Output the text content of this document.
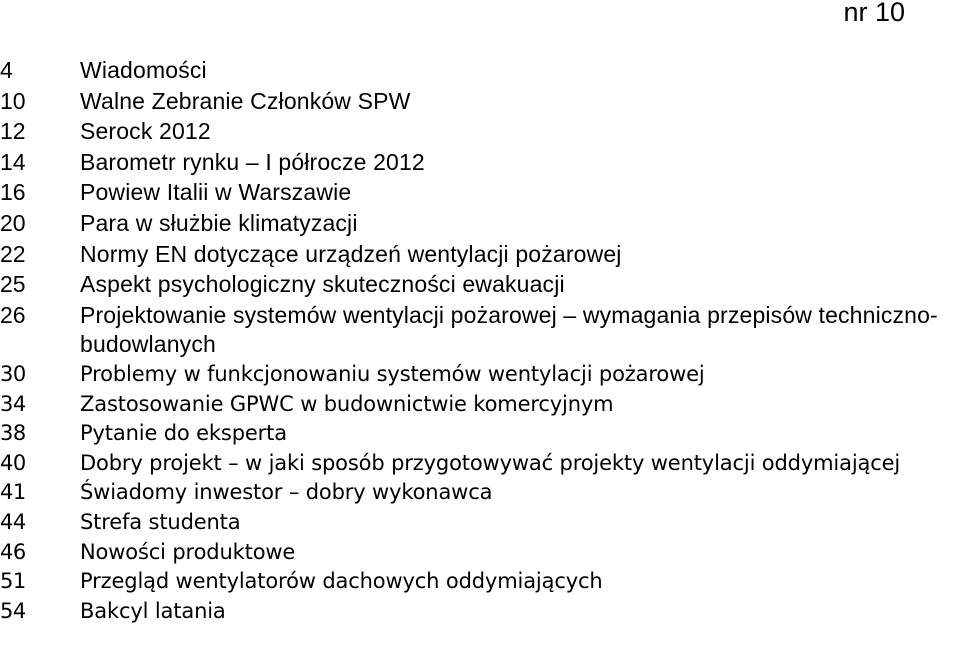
nr 10
4	Wiadomości
10	Walne Zebranie Członków SPW
12	Serock 2012
14	Barometr rynku – I półrocze 2012
16	Powiew Italii w Warszawie
20	Para w służbie klimatyzacji
22	Normy EN dotyczące urządzeń wentylacji pożarowej
25	Aspekt psychologiczny skuteczności ewakuacji
26	Projektowanie systemów wentylacji pożarowej – wymagania przepisów techniczno-budowlanych
30	Problemy w funkcjonowaniu systemów wentylacji pożarowej
34	Zastosowanie GPWC w budownictwie komercyjnym
38	Pytanie do eksperta
40	Dobry projekt – w jaki sposób przygotowywać projekty wentylacji oddymiającej
41	Świadomy inwestor – dobry wykonawca
44	Strefa studenta
46	Nowości produktowe
51	Przegląd wentylatorów dachowych oddymiających
54	Bakcyl latania
